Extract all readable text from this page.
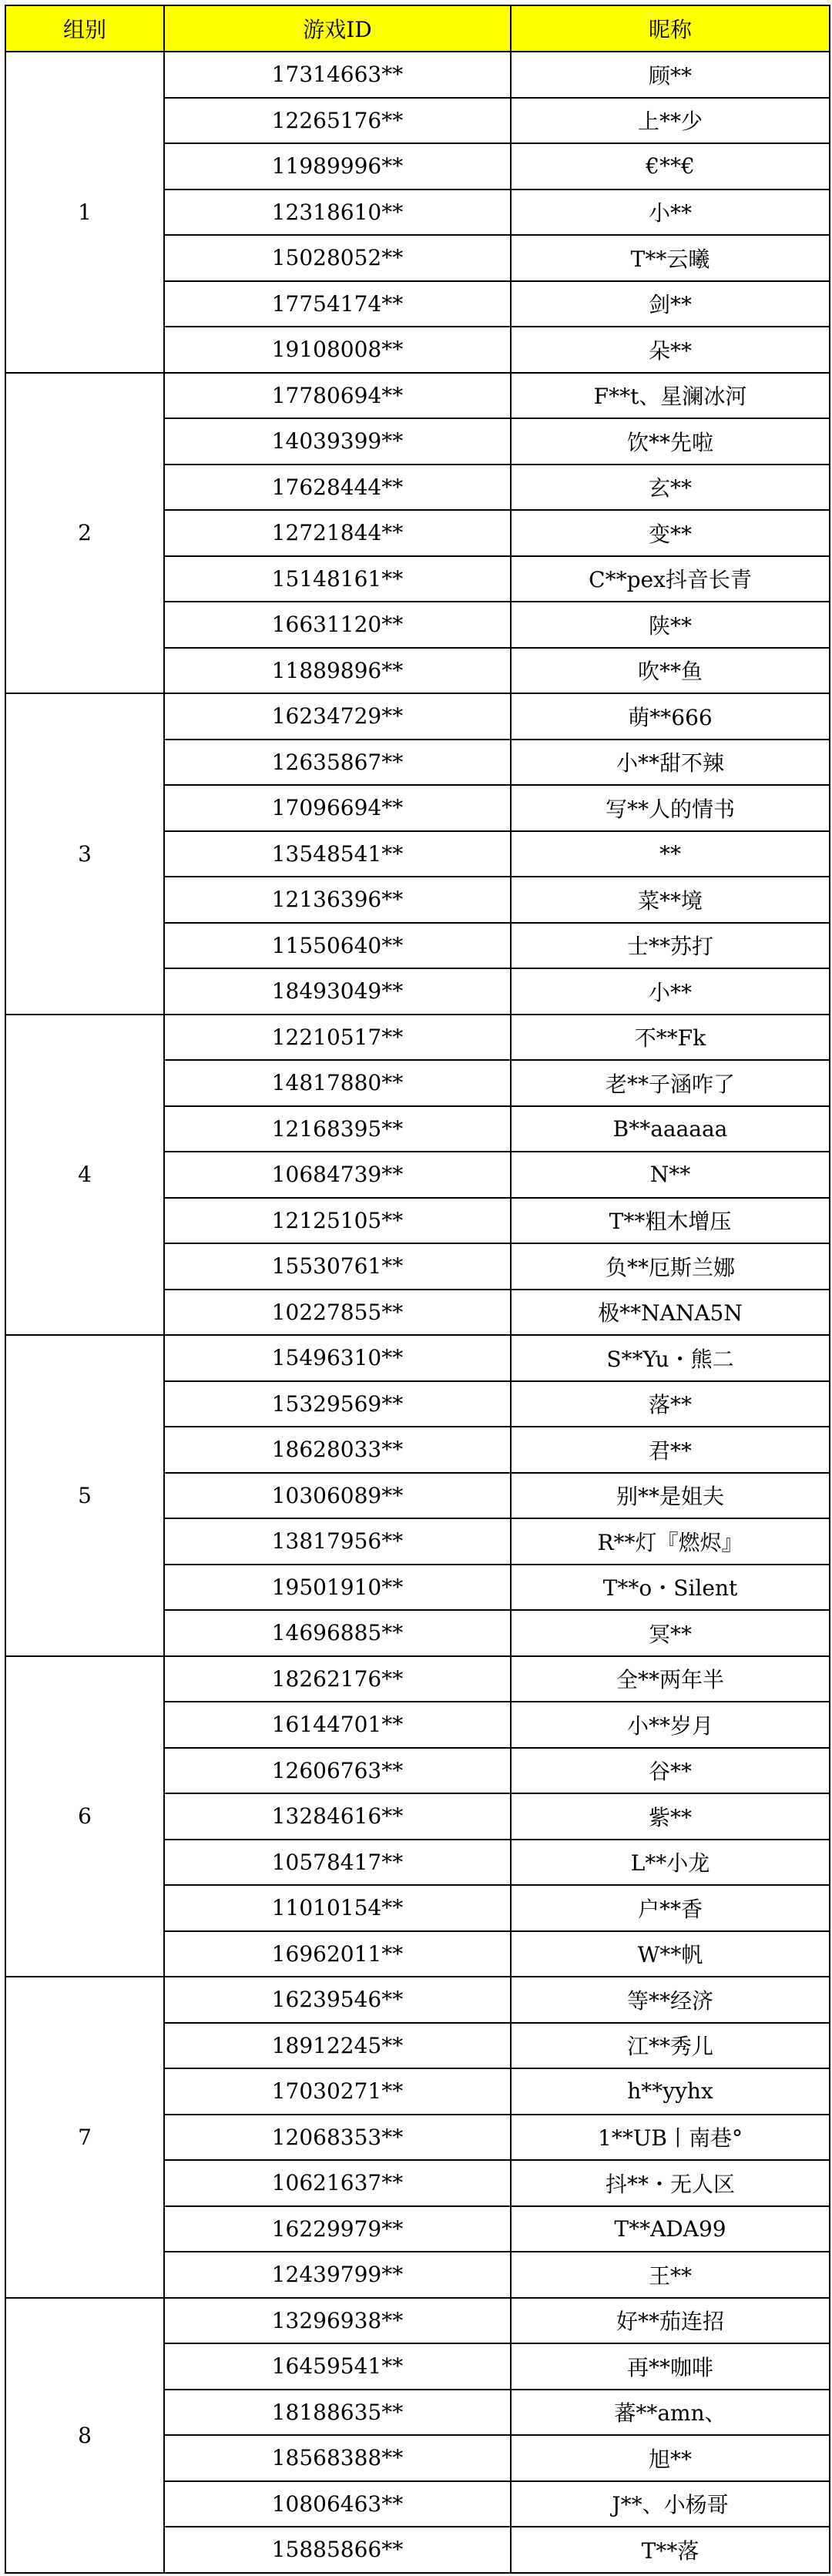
组别	游戏ID	昵称
1	17314663**	顾**
	12265176**	上**少
	11989996**	€**€
	12318610**	小**
	15028052**	T**云曦
	17754174**	剑**
	19108008**	朵**
2	17780694**	F**t、星澜冰河
	14039399**	饮**先啦
	17628444**	玄**
	12721844**	变**
	15148161**	C**pex抖音长青
	16631120**	陕**
	11889896**	吹**鱼
3	16234729**	萌**666
	12635867**	小**甜不辣
	17096694**	写**人的情书
	13548541**	**
	12136396**	菜**境
	11550640**	士**苏打
	18493049**	小**
4	12210517**	不**Fk
	14817880**	老**子涵咋了
	12168395**	B**aaaaaa
	10684739**	N**
	12125105**	T**粗木增压
	15530761**	负**厄斯兰娜
	10227855**	极**NANA5N
5	15496310**	S**Yu・熊二
	15329569**	落**
	18628033**	君**
	10306089**	别**是姐夫
	13817956**	R**灯『燃烬』
	19501910**	T**o・Silent
	14696885**	冥**
6	18262176**	全**两年半
	16144701**	小**岁月
	12606763**	谷**
	13284616**	紫**
	10578417**	L**小龙
	11010154**	户**香
	16962011**	W**帆
7	16239546**	等**经济
	18912245**	江**秀儿
	17030271**	h**yyhx
	12068353**	1**UB丨南巷°
	10621637**	抖**・无人区
	16229979**	T**ADA99
	12439799**	王**
8	13296938**	好**茄连招
	16459541**	再**咖啡
	18188635**	蕃**amn、
	18568388**	旭**
	10806463**	J**、小杨哥
	15885866**	T**落
